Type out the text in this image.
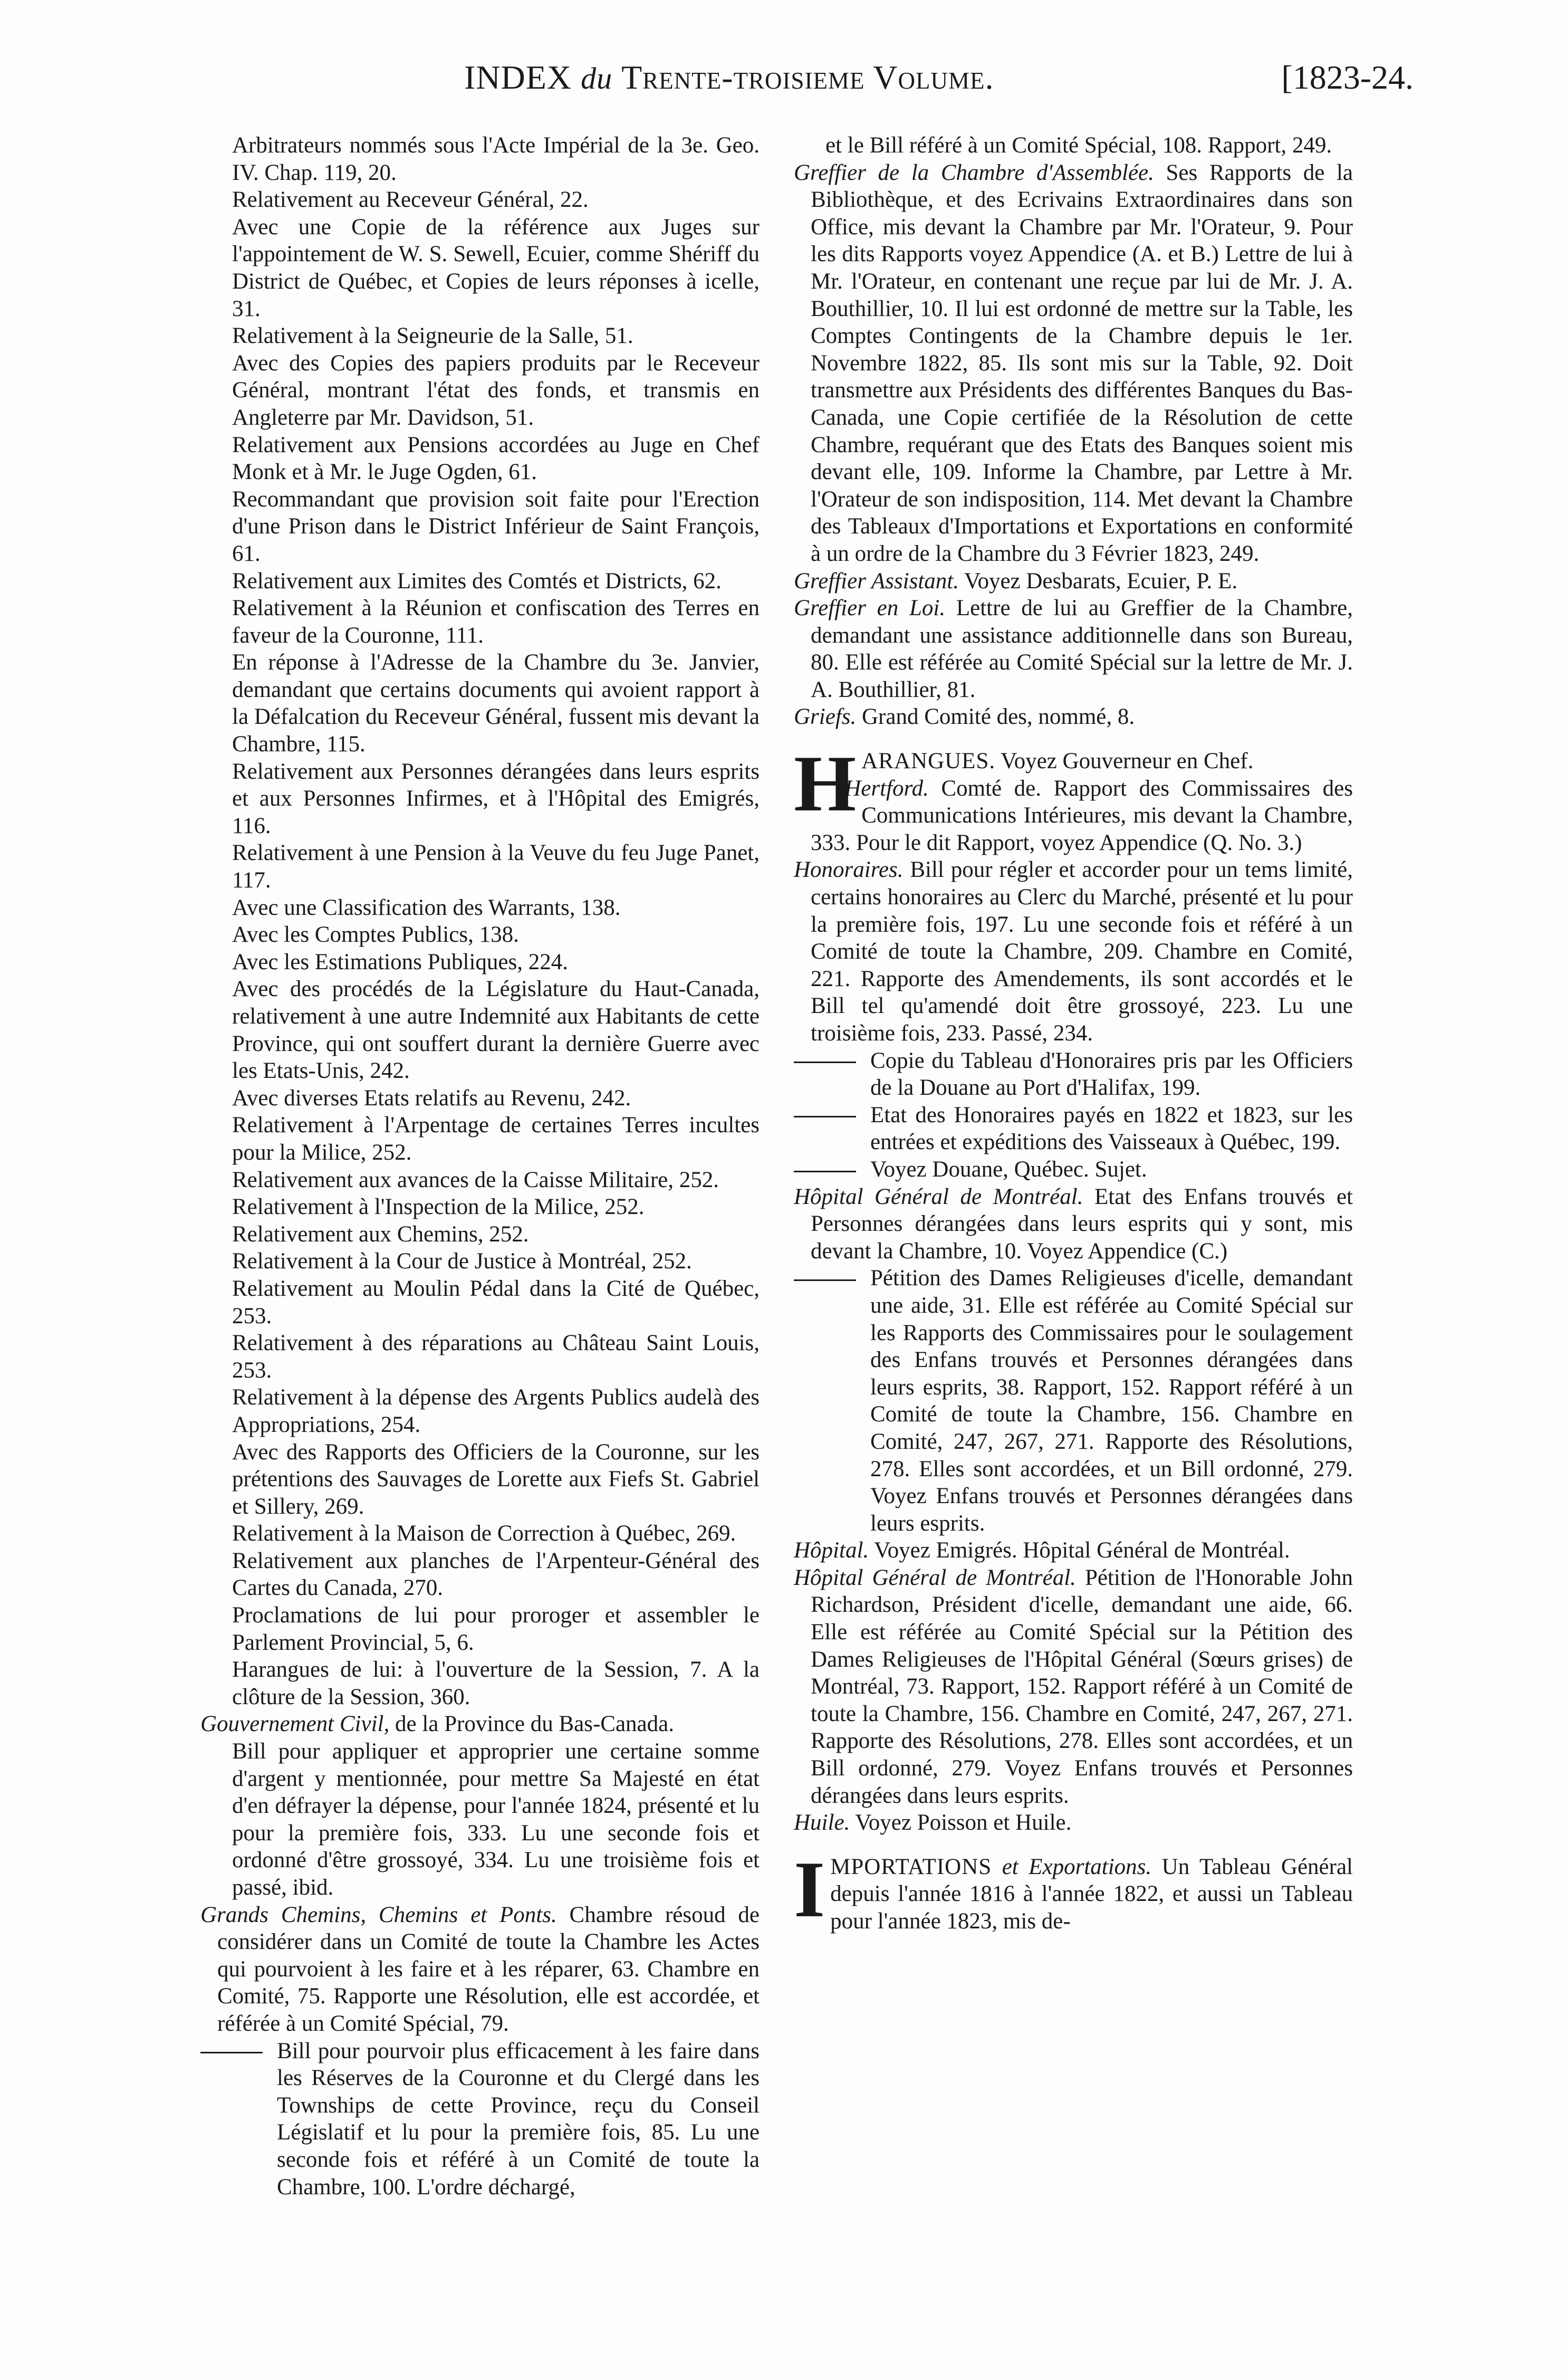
INDEX du Trente-troisieme Volume.	[1823-24.

Arbitrateurs nommés sous l'Acte Impérial de la 3e. Geo. IV. Chap. 119, 20.

Relativement au Receveur Général, 22.

Avec une Copie de la référence aux Juges sur l'appointement de W. S. Sewell, Ecuier, comme Shériff du District de Québec, et Copies de leurs réponses à icelle, 31.

Relativement à la Seigneurie de la Salle, 51.

Avec des Copies des papiers produits par le Receveur Général, montrant l'état des fonds, et transmis en Angleterre par Mr. Davidson, 51.

Relativement aux Pensions accordées au Juge en Chef Monk et à Mr. le Juge Ogden, 61.

Recommandant que provision soit faite pour l'Erection d'une Prison dans le District Inférieur de Saint François, 61.

Relativement aux Limites des Comtés et Districts, 62.

Relativement à la Réunion et confiscation des Terres en faveur de la Couronne, 111.

En réponse à l'Adresse de la Chambre du 3e. Janvier, demandant que certains documents qui avoient rapport à la Défalcation du Receveur Général, fussent mis devant la Chambre, 115.

Relativement aux Personnes dérangées dans leurs esprits et aux Personnes Infirmes, et à l'Hôpital des Emigrés, 116.

Relativement à une Pension à la Veuve du feu Juge Panet, 117.

Avec une Classification des Warrants, 138.

Avec les Comptes Publics, 138.

Avec les Estimations Publiques, 224.

Avec des procédés de la Législature du Haut-Canada, relativement à une autre Indemnité aux Habitants de cette Province, qui ont souffert durant la dernière Guerre avec les Etats-Unis, 242.

Avec diverses Etats relatifs au Revenu, 242.

Relativement à l'Arpentage de certaines Terres incultes pour la Milice, 252.

Relativement aux avances de la Caisse Militaire, 252.

Relativement à l'Inspection de la Milice, 252.

Relativement aux Chemins, 252.

Relativement à la Cour de Justice à Montréal, 252.

Relativement au Moulin Pédal dans la Cité de Québec, 253.

Relativement à des réparations au Château Saint Louis, 253.

Relativement à la dépense des Argents Publics audelà des Appropriations, 254.

Avec des Rapports des Officiers de la Couronne, sur les prétentions des Sauvages de Lorette aux Fiefs St. Gabriel et Sillery, 269.

Relativement à la Maison de Correction à Québec, 269.

Relativement aux planches de l'Arpenteur-Général des Cartes du Canada, 270.

Proclamations de lui pour proroger et assembler le Parlement Provincial, 5, 6.

Harangues de lui: à l'ouverture de la Session, 7. A la clôture de la Session, 360.

Gouvernement Civil, de la Province du Bas-Canada.

Bill pour appliquer et approprier une certaine somme d'argent y mentionnée, pour mettre Sa Majesté en état d'en défrayer la dépense, pour l'année 1824, présenté et lu pour la première fois, 333. Lu une seconde fois et ordonné d'être grossoyé, 334. Lu une troisième fois et passé, ibid.

Grands Chemins, Chemins et Ponts. Chambre résoud de considérer dans un Comité de toute la Chambre les Actes qui pourvoient à les faire et à les réparer, 63. Chambre en Comité, 75. Rapporte une Résolution, elle est accordée, et référée à un Comité Spécial, 79.

Bill pour pourvoir plus efficacement à les faire dans les Réserves de la Couronne et du Clergé dans les Townships de cette Province, reçu du Conseil Législatif et lu pour la première fois, 85. Lu une seconde fois et référé à un Comité de toute la Chambre, 100. L'ordre déchargé,

et le Bill référé à un Comité Spécial, 108. Rapport, 249.

Greffier de la Chambre d'Assemblée. Ses Rapports de la Bibliothèque, et des Ecrivains Extraordinaires dans son Office, mis devant la Chambre par Mr. l'Orateur, 9. Pour les dits Rapports voyez Appendice (A. et B.) Lettre de lui à Mr. l'Orateur, en contenant une reçue par lui de Mr. J. A. Bouthillier, 10. Il lui est ordonné de mettre sur la Table, les Comptes Contingents de la Chambre depuis le 1er. Novembre 1822, 85. Ils sont mis sur la Table, 92. Doit transmettre aux Présidents des différentes Banques du Bas-Canada, une Copie certifiée de la Résolution de cette Chambre, requérant que des Etats des Banques soient mis devant elle, 109. Informe la Chambre, par Lettre à Mr. l'Orateur de son indisposition, 114. Met devant la Chambre des Tableaux d'Importations et Exportations en conformité à un ordre de la Chambre du 3 Février 1823, 249.

Greffier Assistant. Voyez Desbarats, Ecuier, P. E.

Greffier en Loi. Lettre de lui au Greffier de la Chambre, demandant une assistance additionnelle dans son Bureau, 80. Elle est référée au Comité Spécial sur la lettre de Mr. J. A. Bouthillier, 81.

Griefs. Grand Comité des, nommé, 8.

HARANGUES. Voyez Gouverneur en Chef.

Hertford. Comté de. Rapport des Commissaires des Communications Intérieures, mis devant la Chambre, 333. Pour le dit Rapport, voyez Appendice (Q. No. 3.)

Honoraires. Bill pour régler et accorder pour un tems limité, certains honoraires au Clerc du Marché, présenté et lu pour la première fois, 197. Lu une seconde fois et référé à un Comité de toute la Chambre, 209. Chambre en Comité, 221. Rapporte des Amendements, ils sont accordés et le Bill tel qu'amendé doit être grossoyé, 223. Lu une troisième fois, 233. Passé, 234.

Copie du Tableau d'Honoraires pris par les Officiers de la Douane au Port d'Halifax, 199.

Etat des Honoraires payés en 1822 et 1823, sur les entrées et expéditions des Vaisseaux à Québec, 199.

Voyez Douane, Québec. Sujet.

Hôpital Général de Montréal. Etat des Enfans trouvés et Personnes dérangées dans leurs esprits qui y sont, mis devant la Chambre, 10. Voyez Appendice (C.)

Pétition des Dames Religieuses d'icelle, demandant une aide, 31. Elle est référée au Comité Spécial sur les Rapports des Commissaires pour le soulagement des Enfans trouvés et Personnes dérangées dans leurs esprits, 38. Rapport, 152. Rapport référé à un Comité de toute la Chambre, 156. Chambre en Comité, 247, 267, 271. Rapporte des Résolutions, 278. Elles sont accordées, et un Bill ordonné, 279. Voyez Enfans trouvés et Personnes dérangées dans leurs esprits.

Hôpital. Voyez Emigrés. Hôpital Général de Montréal.

Hôpital Général de Montréal. Pétition de l'Honorable John Richardson, Président d'icelle, demandant une aide, 66. Elle est référée au Comité Spécial sur la Pétition des Dames Religieuses de l'Hôpital Général (Sœurs grises) de Montréal, 73. Rapport, 152. Rapport référé à un Comité de toute la Chambre, 156. Chambre en Comité, 247, 267, 271. Rapporte des Résolutions, 278. Elles sont accordées, et un Bill ordonné, 279. Voyez Enfans trouvés et Personnes dérangées dans leurs esprits.

Huile. Voyez Poisson et Huile.

IMPORTATIONS et Exportations. Un Tableau Général depuis l'année 1816 à l'année 1822, et aussi un Tableau pour l'année 1823, mis de-
